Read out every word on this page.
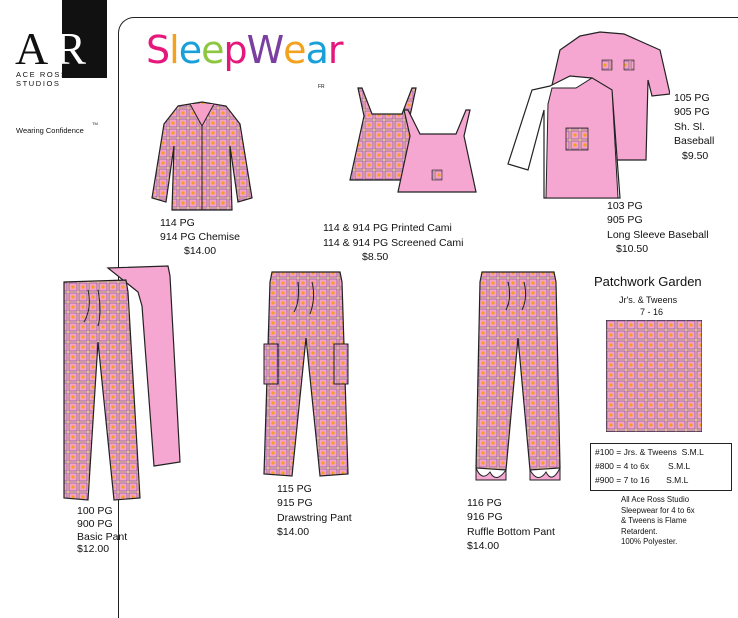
A R
ACE ROSS STUDIOS
Wearing Confidence
TM
SleepWear
FR
114 PG
914 PG Chemise
$14.00
114 & 914 PG Printed Cami
114 & 914 PG Screened Cami
$8.50
105 PG
905 PG
Sh. Sl.
Baseball
$9.50
103 PG
905 PG
Long Sleeve Baseball
$10.50
100 PG
900 PG
Basic Pant
$12.00
115 PG
915 PG
Drawstring Pant
$14.00
116 PG
916 PG
Ruffle Bottom Pant
$14.00
Patchwork Garden
Jr's. & Tweens
7 - 16
#100 = Jrs. & Tweens S.M.L
#800 = 4 to 6x S.M.L
#900 = 7 to 16 S.M.L
All Ace Ross Studio
Sleepwear for 4 to 6x
& Tweens is Flame
Retardent.
100% Polyester.
